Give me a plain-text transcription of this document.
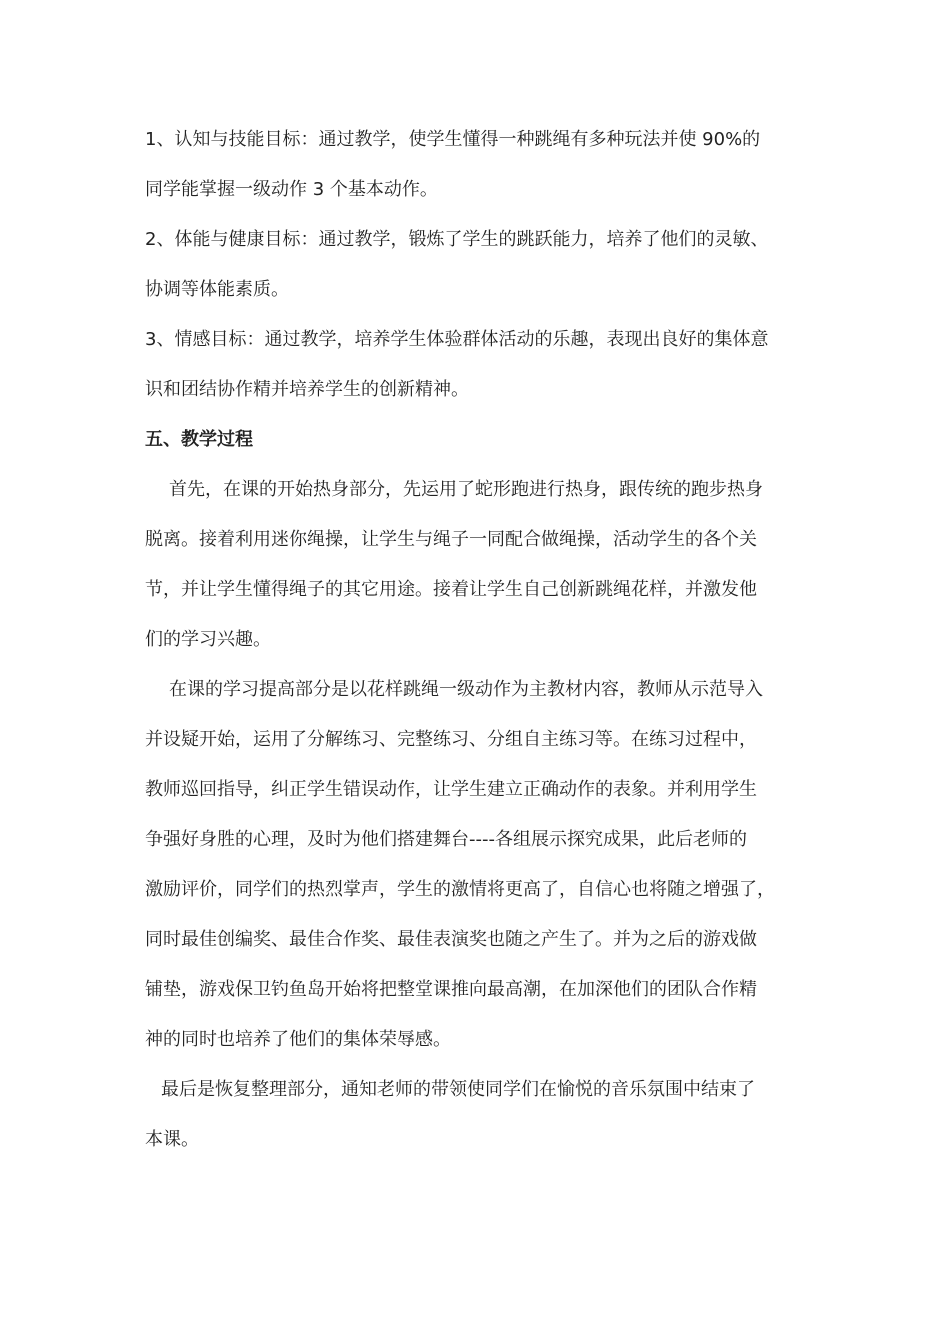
1、认知与技能目标：通过教学，使学生懂得一种跳绳有多种玩法并使 90%的
同学能掌握一级动作 3 个基本动作。
2、体能与健康目标：通过教学，锻炼了学生的跳跃能力，培养了他们的灵敏、
协调等体能素质。
3、情感目标：通过教学，培养学生体验群体活动的乐趣，表现出良好的集体意
识和团结协作精并培养学生的创新精神。
五、教学过程
首先，在课的开始热身部分，先运用了蛇形跑进行热身，跟传统的跑步热身
脱离。接着利用迷你绳操，让学生与绳子一同配合做绳操，活动学生的各个关
节，并让学生懂得绳子的其它用途。接着让学生自己创新跳绳花样，并激发他
们的学习兴趣。
在课的学习提高部分是以花样跳绳一级动作为主教材内容，教师从示范导入
并设疑开始，运用了分解练习、完整练习、分组自主练习等。在练习过程中，
教师巡回指导，纠正学生错误动作，让学生建立正确动作的表象。并利用学生
争强好身胜的心理，及时为他们搭建舞台----各组展示探究成果，此后老师的
激励评价，同学们的热烈掌声，学生的激情将更高了，自信心也将随之增强了，
同时最佳创编奖、最佳合作奖、最佳表演奖也随之产生了。并为之后的游戏做
铺垫，游戏保卫钓鱼岛开始将把整堂课推向最高潮，在加深他们的团队合作精
神的同时也培养了他们的集体荣辱感。
最后是恢复整理部分，通知老师的带领使同学们在愉悦的音乐氛围中结束了
本课。
